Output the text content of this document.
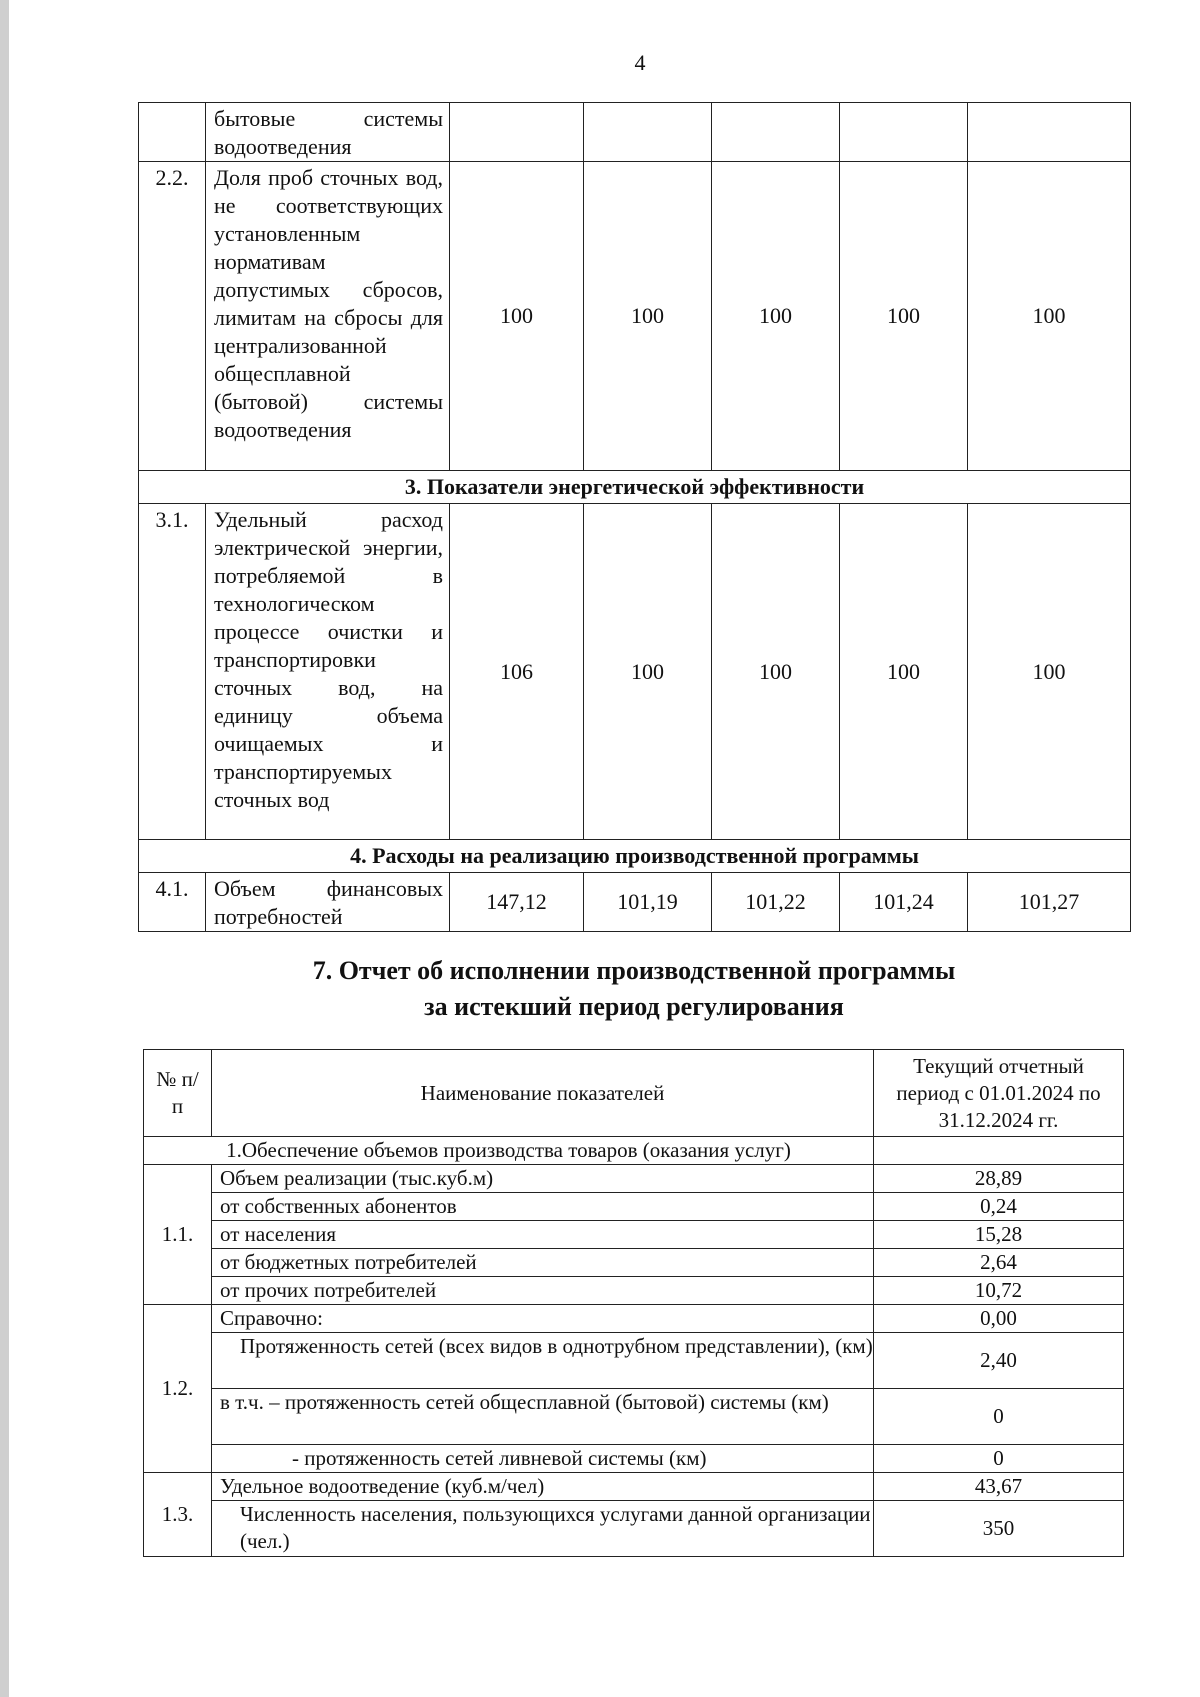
4
	бытовые системы водоотведения					
2.2.	Доля проб сточных вод, не соответствующих установленным нормативам допустимых сбросов, лимитам на сбросы для централизованной общесплавной (бытовой) системы водоотведения	100	100	100	100	100
3. Показатели энергетической эффективности						
3.1.	Удельный расход электрической энергии, потребляемой в технологическом процессе очистки и транспортировки сточных вод, на единицу объема очищаемых и транспортируемых сточных вод	106	100	100	100	100
4. Расходы на реализацию производственной программы						
4.1.	Объем финансовых потребностей	147,12	101,19	101,22	101,24	101,27
7. Отчет об исполнении производственной программы
за истекший период регулирования
№ п/п	Наименование показателей	Текущий отчетный период с 01.01.2024 по 31.12.2024 гг.
1.Обеспечение объемов производства товаров (оказания услуг)		
1.1.	Объем реализации (тыс.куб.м)	28,89
	от собственных абонентов	0,24
	от населения	15,28
	от бюджетных потребителей	2,64
	от прочих потребителей	10,72
1.2.	Справочно:	0,00
	Протяженность сетей (всех видов в однотрубном представлении), (км)	2,40
	в т.ч. – протяженность сетей общесплавной (бытовой) системы (км)	0
	- протяженность сетей ливневой системы (км)	0
1.3.	Удельное водоотведение (куб.м/чел)	43,67
	Численность населения, пользующихся услугами данной организации (чел.)	350
